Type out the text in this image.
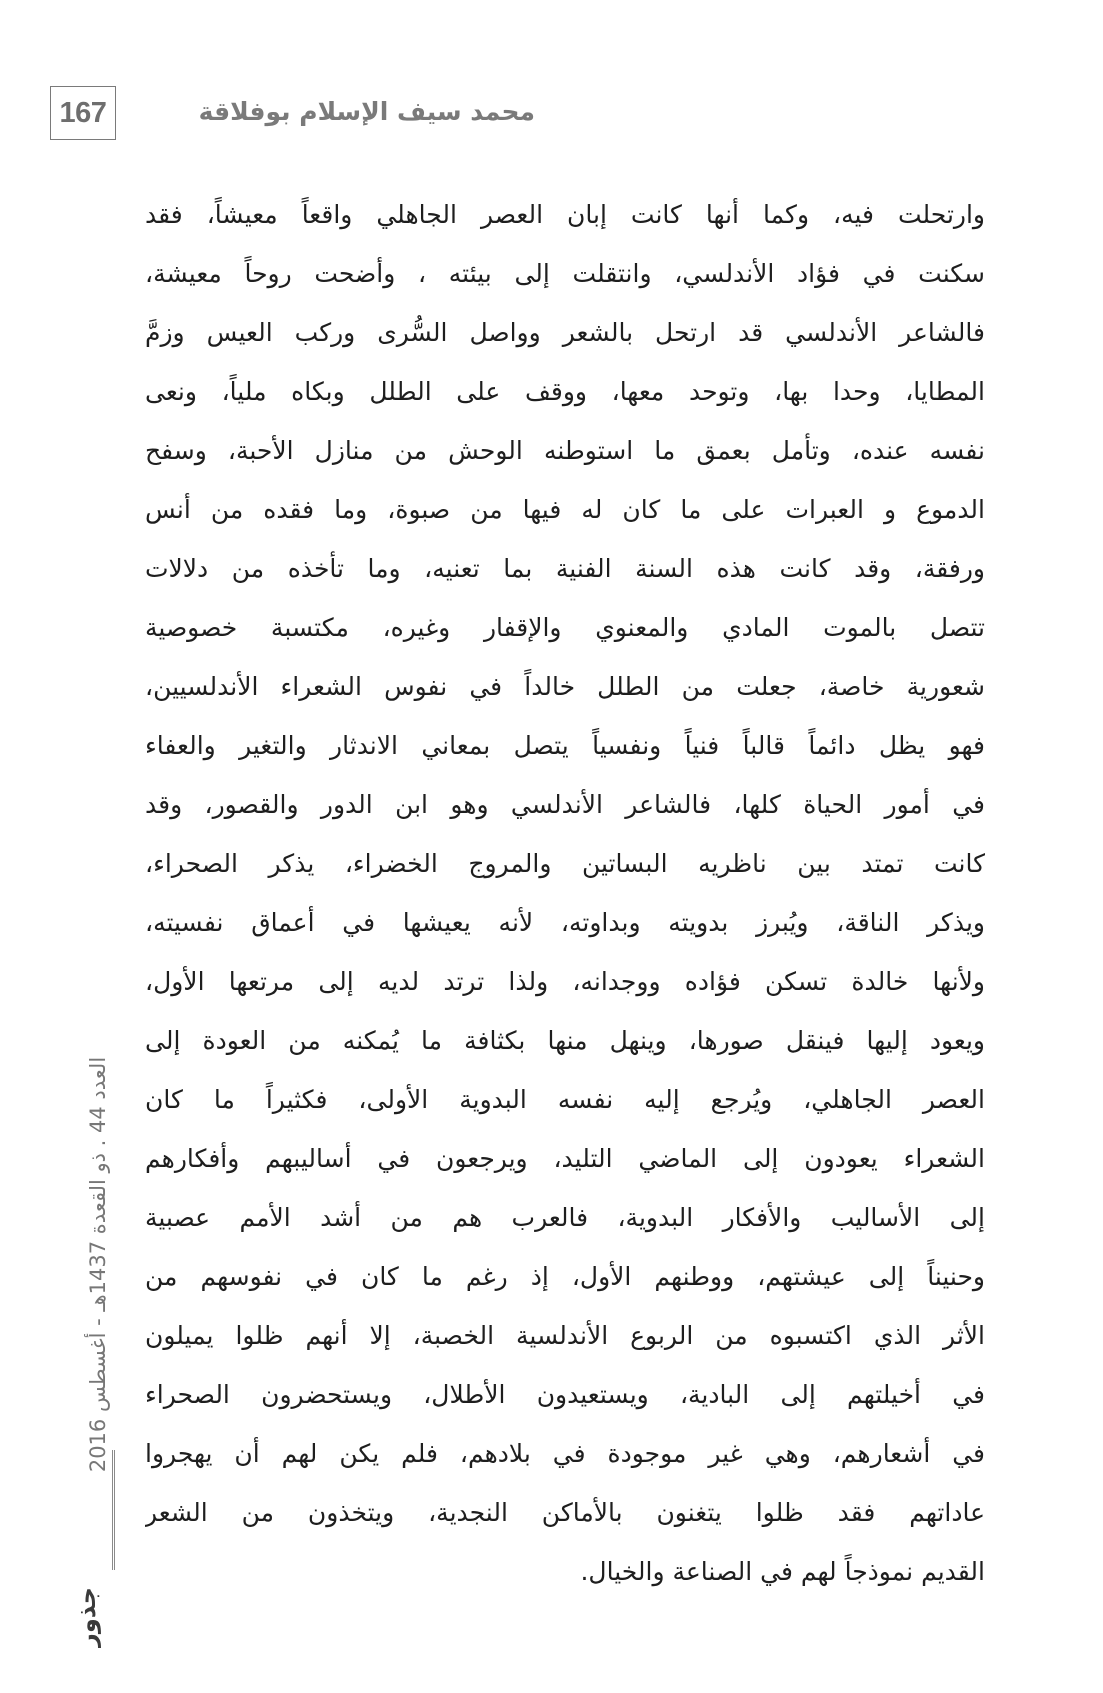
167	محمد سيف الإسلام بوفلاقة
وارتحلت فيه، وكما أنها كانت إبان العصر الجاهلي واقعاً معيشاً، فقد
سكنت في فؤاد الأندلسي، وانتقلت إلى بيئته ، وأضحت روحاً معيشة،
فالشاعر الأندلسي قد ارتحل بالشعر وواصل السُّرى وركب العيس وزمَّ
المطايا، وحدا بها، وتوحد معها، ووقف على الطلل وبكاه ملياً، ونعى
نفسه عنده، وتأمل بعمق ما استوطنه الوحش من منازل الأحبة، وسفح
الدموع و العبرات على ما كان له فيها من صبوة، وما فقده من أنس
ورفقة، وقد كانت هذه السنة الفنية بما تعنيه، وما تأخذه من دلالات
تتصل بالموت المادي والمعنوي والإقفار وغيره، مكتسبة خصوصية
شعورية خاصة، جعلت من الطلل خالداً في نفوس الشعراء الأندلسيين،
فهو يظل دائماً قالباً فنياً ونفسياً يتصل بمعاني الاندثار والتغير والعفاء
في أمور الحياة كلها، فالشاعر الأندلسي وهو ابن الدور والقصور، وقد
كانت تمتد بين ناظريه البساتين والمروج الخضراء، يذكر الصحراء،
ويذكر الناقة، ويُبرز بدويته وبداوته، لأنه يعيشها في أعماق نفسيته،
ولأنها خالدة تسكن فؤاده ووجدانه، ولذا ترتد لديه إلى مرتعها الأول،
ويعود إليها فينقل صورها، وينهل منها بكثافة ما يُمكنه من العودة إلى
العصر الجاهلي، ويُرجع إليه نفسه البدوية الأولى، فكثيراً ما كان
الشعراء يعودون إلى الماضي التليد، ويرجعون في أساليبهم وأفكارهم
إلى الأساليب والأفكار البدوية، فالعرب هم من أشد الأمم عصبية
وحنيناً إلى عيشتهم، ووطنهم الأول، إذ رغم ما كان في نفوسهم من
الأثر الذي اكتسبوه من الربوع الأندلسية الخصبة، إلا أنهم ظلوا يميلون
في أخيلتهم إلى البادية، ويستعيدون الأطلال، ويستحضرون الصحراء
في أشعارهم، وهي غير موجودة في بلادهم، فلم يكن لهم أن يهجروا
عاداتهم فقد ظلوا يتغنون بالأماكن النجدية، ويتخذون من الشعر
القديم نموذجاً لهم في الصناعة والخيال.
العدد 44 . ذو القعدة 1437هـ - أغسطس 2016
جذور
